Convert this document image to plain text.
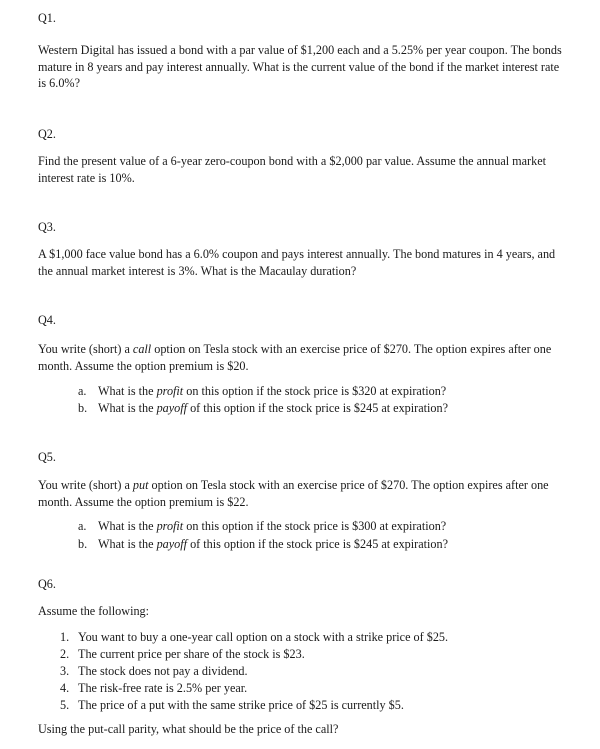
Q1.

Western Digital has issued a bond with a par value of $1,200 each and a 5.25% per year coupon. The bonds mature in 8 years and pay interest annually. What is the current value of the bond if the market interest rate is 6.0%?

Q2.

Find the present value of a 6-year zero-coupon bond with a $2,000 par value. Assume the annual market interest rate is 10%.

Q3.

A $1,000 face value bond has a 6.0% coupon and pays interest annually. The bond matures in 4 years, and the annual market interest is 3%. What is the Macaulay duration?

Q4.

You write (short) a call option on Tesla stock with an exercise price of $270. The option expires after one month. Assume the option premium is $20.

a. What is the profit on this option if the stock price is $320 at expiration?
b. What is the payoff of this option if the stock price is $245 at expiration?
Q5.

You write (short) a put option on Tesla stock with an exercise price of $270. The option expires after one month. Assume the option premium is $22.

a. What is the profit on this option if the stock price is $300 at expiration?
b. What is the payoff of this option if the stock price is $245 at expiration?
Q6.
Assume the following:
1. You want to buy a one-year call option on a stock with a strike price of $25.
2. The current price per share of the stock is $23.
3. The stock does not pay a dividend.
4. The risk-free rate is 2.5% per year.
5. The price of a put with the same strike price of $25 is currently $5.
Using the put-call parity, what should be the price of the call?
